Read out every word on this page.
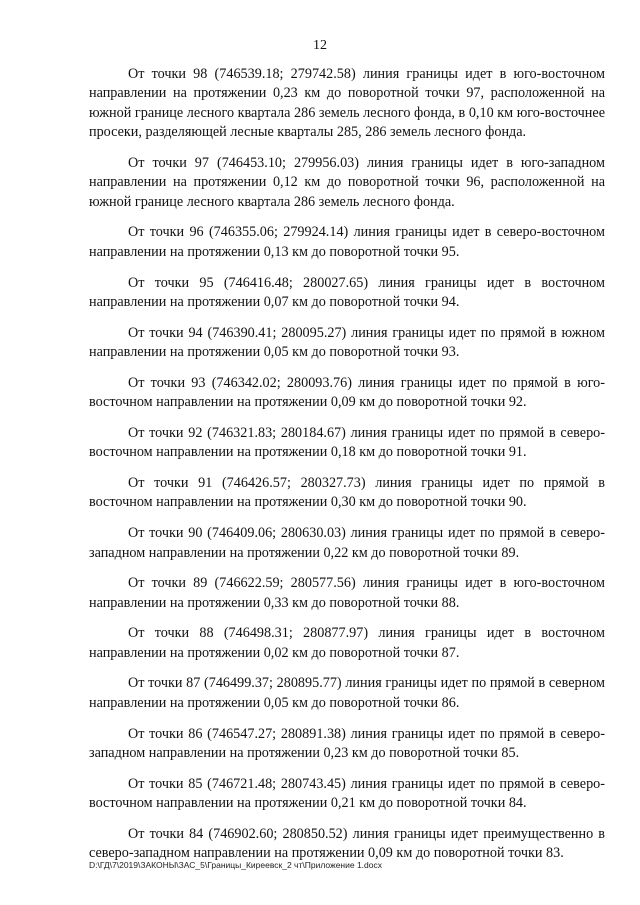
12

От точки 98 (746539.18; 279742.58) линия границы идет в юго-восточном направлении на протяжении 0,23 км до поворотной точки 97, расположенной на южной границе лесного квартала 286 земель лесного фонда, в 0,10 км юго-восточнее просеки, разделяющей лесные кварталы 285, 286 земель лесного фонда.

От точки 97 (746453.10; 279956.03) линия границы идет в юго-западном направлении на протяжении 0,12 км до поворотной точки 96, расположенной на южной границе лесного квартала 286 земель лесного фонда.

От точки 96 (746355.06; 279924.14) линия границы идет в северо-восточном направлении на протяжении 0,13 км до поворотной точки 95.

От точки 95 (746416.48; 280027.65) линия границы идет в восточном направлении на протяжении 0,07 км до поворотной точки 94.

От точки 94 (746390.41; 280095.27) линия границы идет по прямой в южном направлении на протяжении 0,05 км до поворотной точки 93.

От точки 93 (746342.02; 280093.76) линия границы идет по прямой в юго-восточном направлении на протяжении 0,09 км до поворотной точки 92.

От точки 92 (746321.83; 280184.67) линия границы идет по прямой в северо-восточном направлении на протяжении 0,18 км до поворотной точки 91.

От точки 91 (746426.57; 280327.73) линия границы идет по прямой в восточном направлении на протяжении 0,30 км до поворотной точки 90.

От точки 90 (746409.06; 280630.03) линия границы идет по прямой в северо-западном направлении на протяжении 0,22 км до поворотной точки 89.

От точки 89 (746622.59; 280577.56) линия границы идет в юго-восточном направлении на протяжении 0,33 км до поворотной точки 88.

От точки 88 (746498.31; 280877.97) линия границы идет в восточном направлении на протяжении 0,02 км до поворотной точки 87.

От точки 87 (746499.37; 280895.77) линия границы идет по прямой в северном направлении на протяжении 0,05 км до поворотной точки 86.

От точки 86 (746547.27; 280891.38) линия границы идет по прямой в северо-западном направлении на протяжении 0,23 км до поворотной точки 85.

От точки 85 (746721.48; 280743.45) линия границы идет по прямой в северо-восточном направлении на протяжении 0,21 км до поворотной точки 84.

От точки 84 (746902.60; 280850.52) линия границы идет преимущественно в северо-западном направлении на протяжении 0,09 км до поворотной точки 83.

D:\ГД\7\2019\ЗАКОНЫ\ЗАС_5\Границы_Киреевск_2 чт\Приложение 1.docx
